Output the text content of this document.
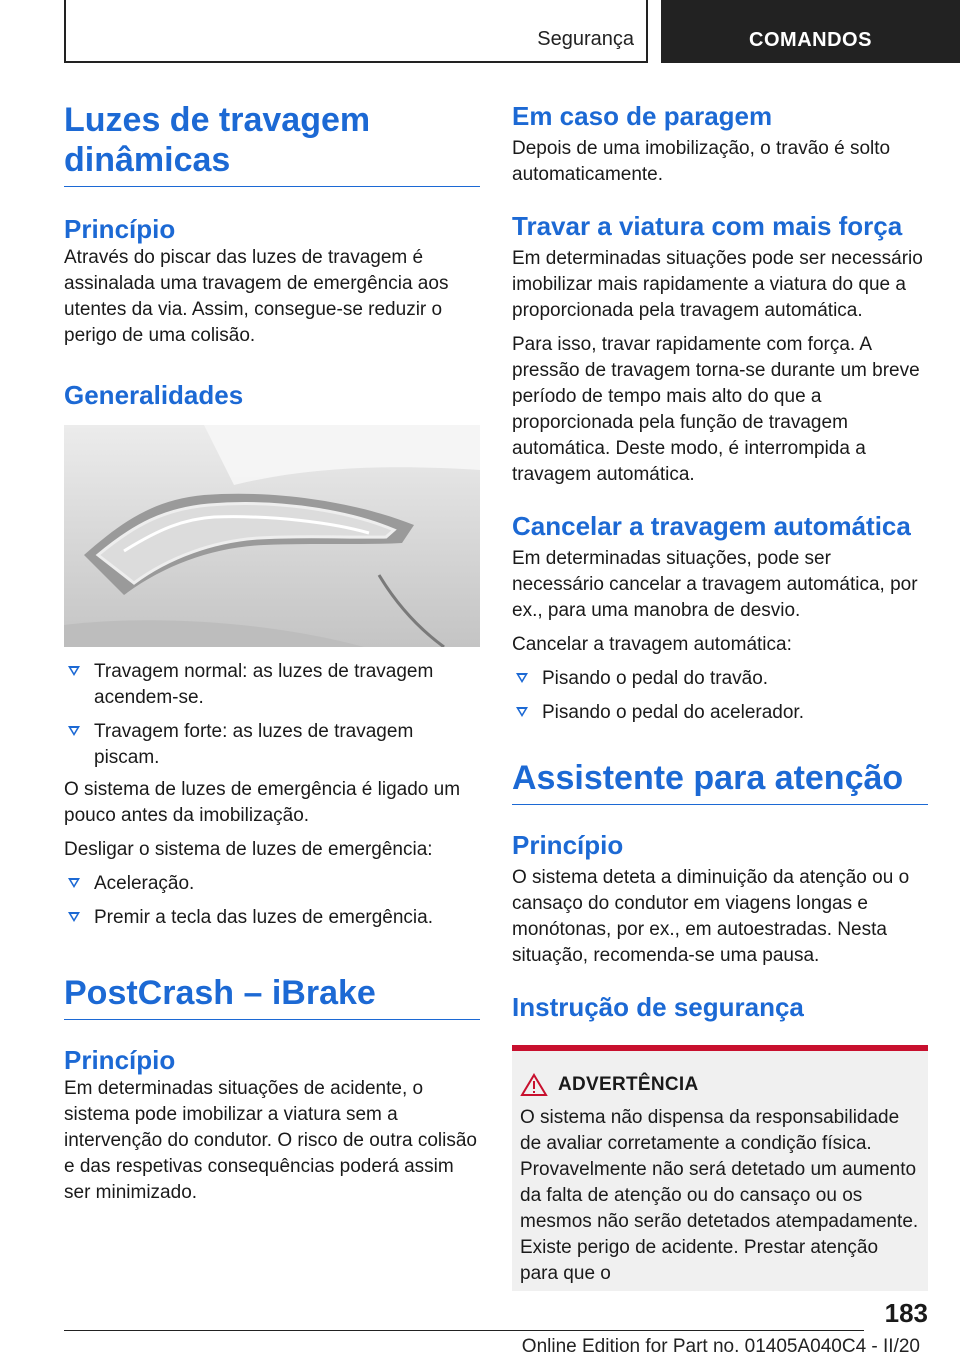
Segurança	COMANDOS
Luzes de travagem dinâmicas
Princípio

Através do piscar das luzes de travagem é assinalada uma travagem de emergência aos utentes da via. Assim, consegue-se reduzir o perigo de uma colisão.

Generalidades
Travagem normal: as luzes de travagem acendem-se.
Travagem forte: as luzes de travagem piscam.

O sistema de luzes de emergência é ligado um pouco antes da imobilização.

Desligar o sistema de luzes de emergência:

Aceleração.
Premir a tecla das luzes de emergência.
PostCrash – iBrake
Princípio

Em determinadas situações de acidente, o sistema pode imobilizar a viatura sem a intervenção do condutor. O risco de outra colisão e das respetivas consequências poderá assim ser minimizado.

Em caso de paragem

Depois de uma imobilização, o travão é solto automaticamente.

Travar a viatura com mais força

Em determinadas situações pode ser necessário imobilizar mais rapidamente a viatura do que a proporcionada pela travagem automática.

Para isso, travar rapidamente com força. A pressão de travagem torna-se durante um breve período de tempo mais alto do que a proporcionada pela função de travagem automática. Deste modo, é interrompida a travagem automática.

Cancelar a travagem automática

Em determinadas situações, pode ser necessário cancelar a travagem automática, por ex., para uma manobra de desvio.

Cancelar a travagem automática:

Pisando o pedal do travão.
Pisando o pedal do acelerador.
Assistente para atenção
Princípio

O sistema deteta a diminuição da atenção ou o cansaço do condutor em viagens longas e monótonas, por ex., em autoestradas. Nesta situação, recomenda-se uma pausa.

Instrução de segurança
ADVERTÊNCIA

O sistema não dispensa da responsabilidade de avaliar corretamente a condição física. Provavelmente não será detetado um aumento da falta de atenção ou do cansaço ou os mesmos não serão detetados atempadamente. Existe perigo de acidente. Prestar atenção para que o

183
Online Edition for Part no. 01405A040C4 - II/20
